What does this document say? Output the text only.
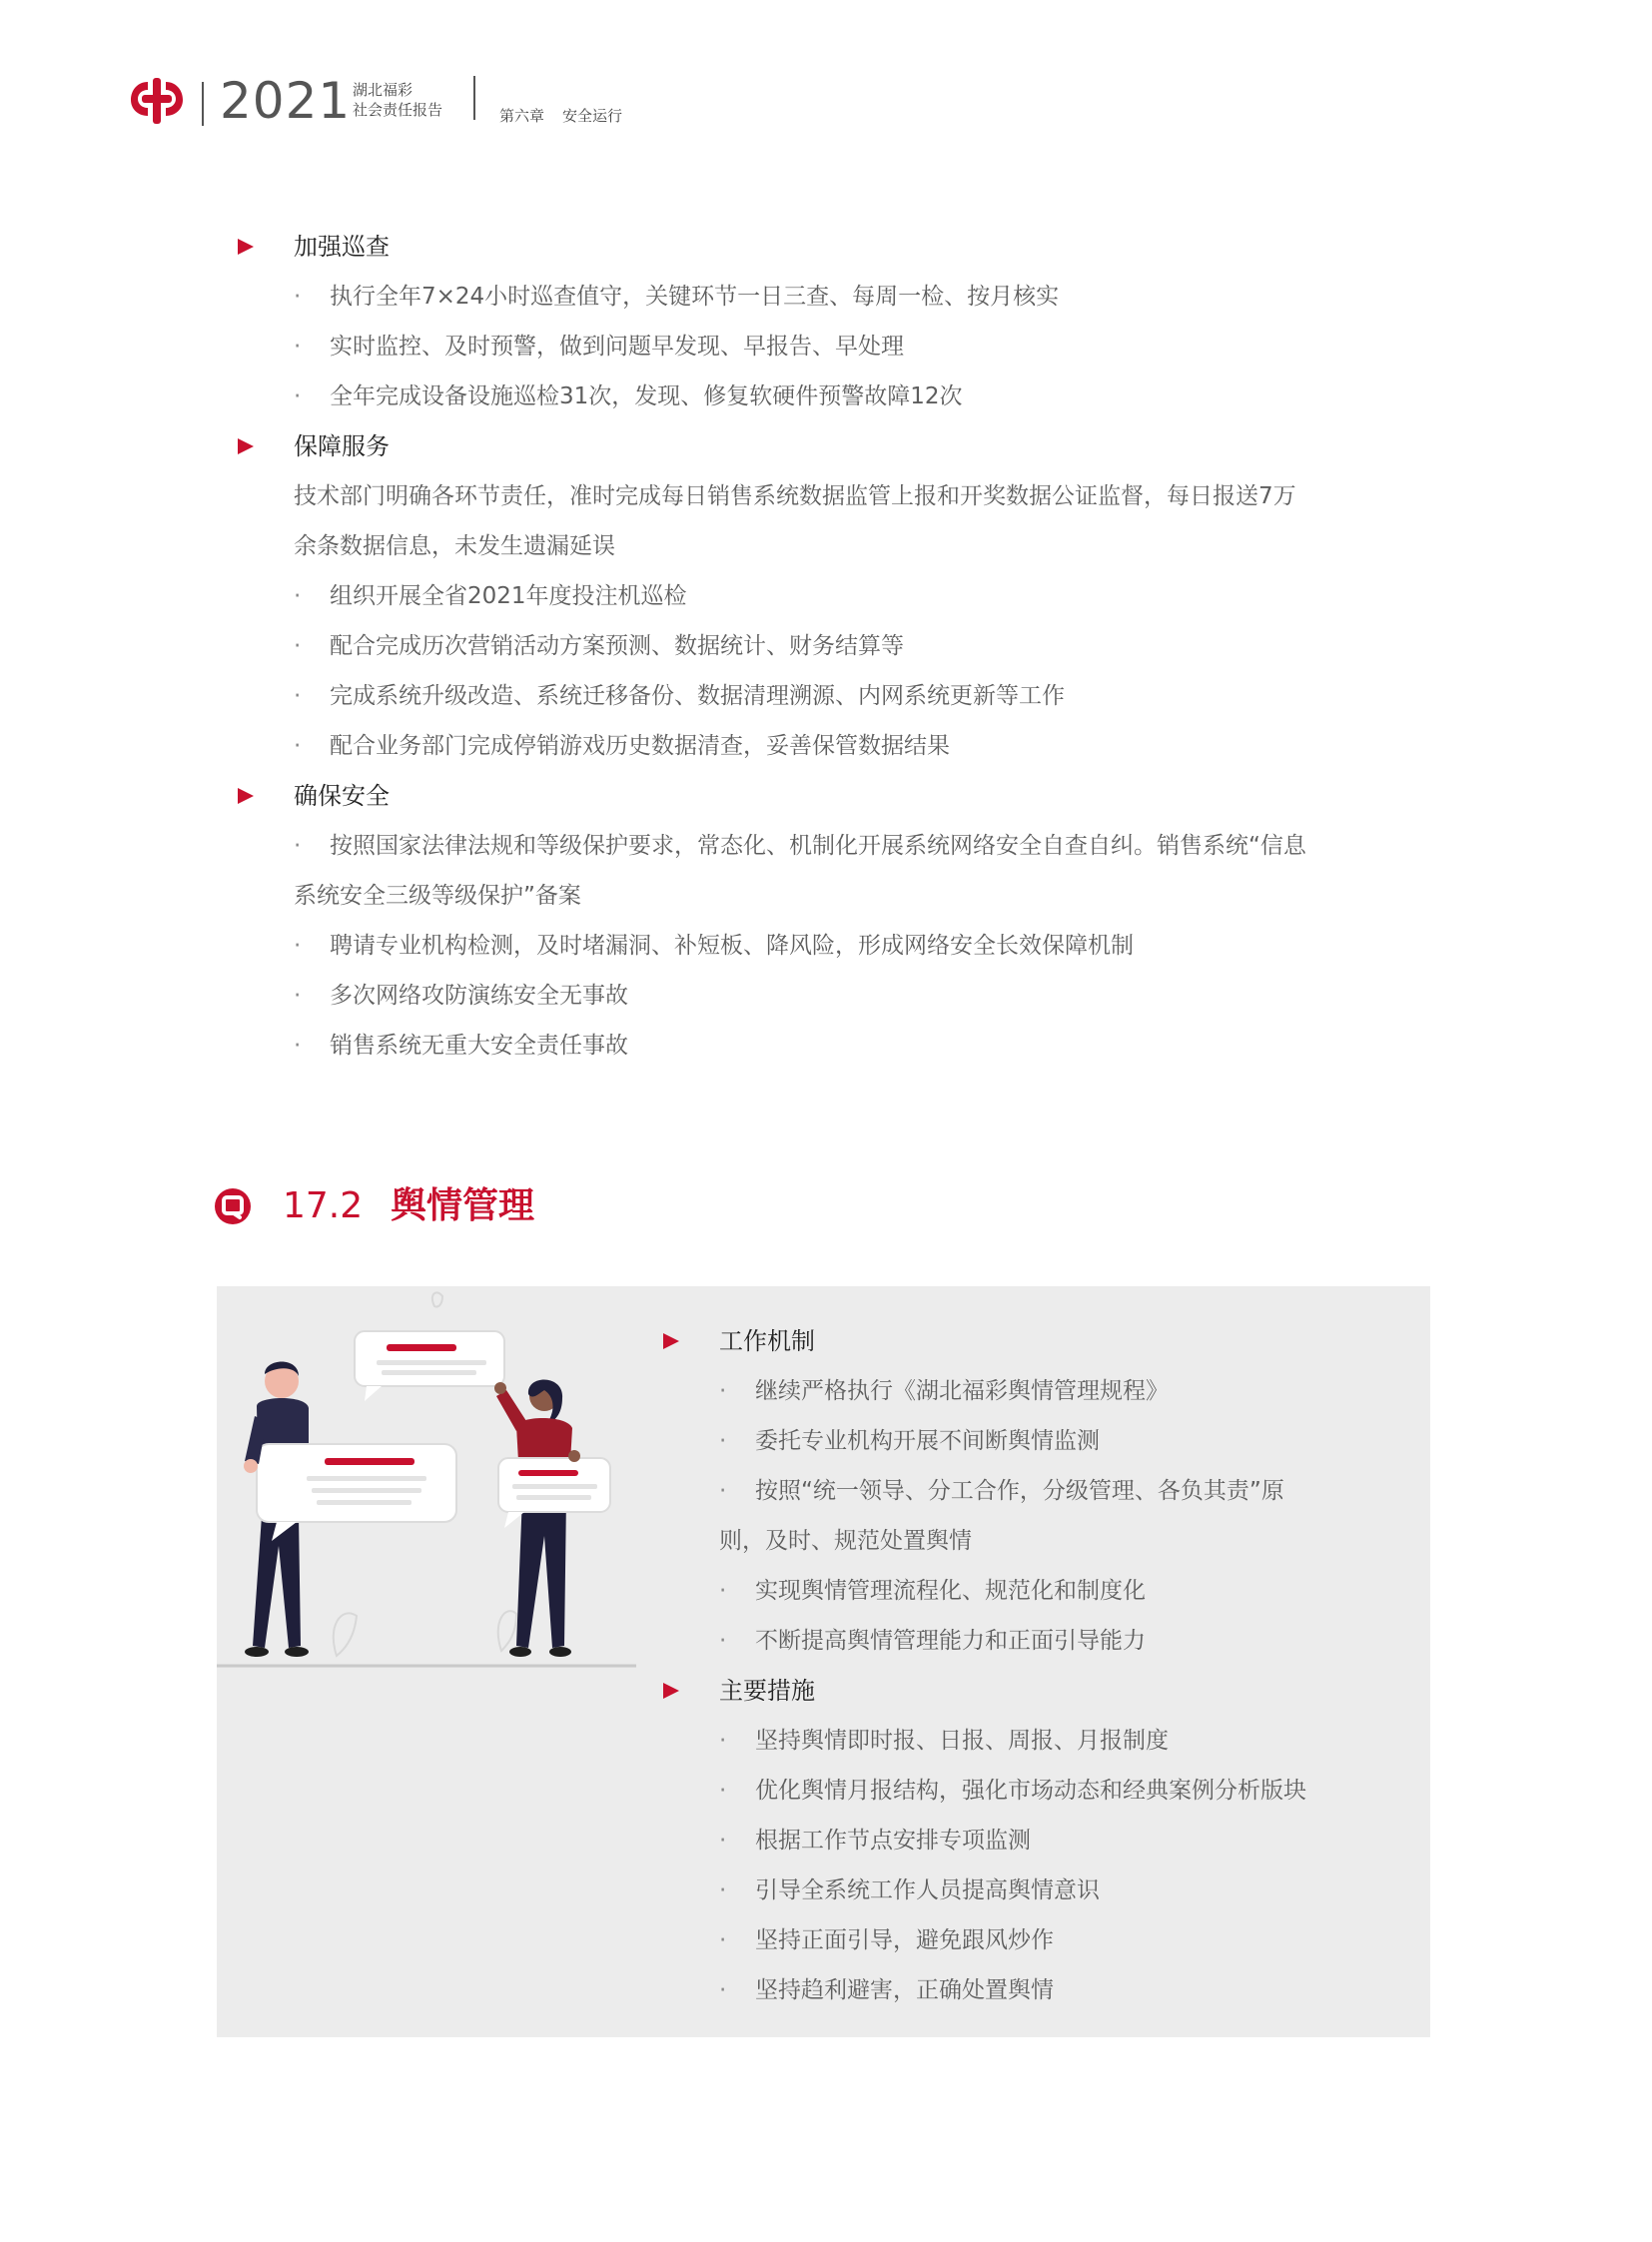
2021 湖北福彩
社会责任报告	第六章 安全运行
加强巡查
· 执行全年7×24小时巡查值守，关键环节一日三查、每周一检、按月核实
· 实时监控、及时预警，做到问题早发现、早报告、早处理
· 全年完成设备设施巡检31次，发现、修复软硬件预警故障12次
保障服务
技术部门明确各环节责任，准时完成每日销售系统数据监管上报和开奖数据公证监督，每日报送7万
余条数据信息，未发生遗漏延误
· 组织开展全省2021年度投注机巡检
· 配合完成历次营销活动方案预测、数据统计、财务结算等
· 完成系统升级改造、系统迁移备份、数据清理溯源、内网系统更新等工作
· 配合业务部门完成停销游戏历史数据清查，妥善保管数据结果
确保安全
· 按照国家法律法规和等级保护要求，常态化、机制化开展系统网络安全自查自纠。销售系统“信息
系统安全三级等级保护”备案
· 聘请专业机构检测，及时堵漏洞、补短板、降风险，形成网络安全长效保障机制
· 多次网络攻防演练安全无事故
· 销售系统无重大安全责任事故
17.2 舆情管理
工作机制
· 继续严格执行《湖北福彩舆情管理规程》
· 委托专业机构开展不间断舆情监测
· 按照“统一领导、分工合作，分级管理、各负其责”原
则，及时、规范处置舆情
· 实现舆情管理流程化、规范化和制度化
· 不断提高舆情管理能力和正面引导能力
主要措施
· 坚持舆情即时报、日报、周报、月报制度
· 优化舆情月报结构，强化市场动态和经典案例分析版块
· 根据工作节点安排专项监测
· 引导全系统工作人员提高舆情意识
· 坚持正面引导，避免跟风炒作
· 坚持趋利避害，正确处置舆情
